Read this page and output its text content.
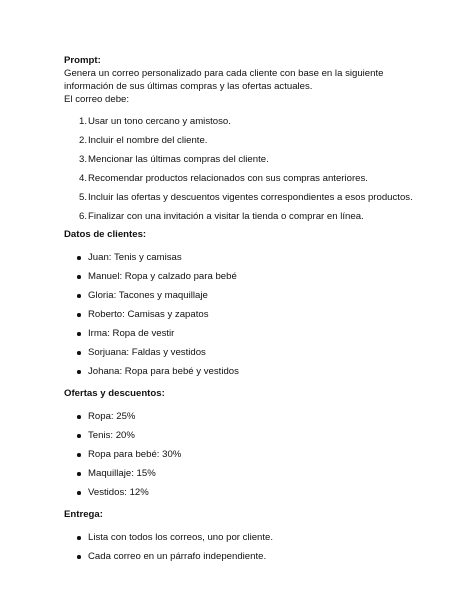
Prompt:

Genera un correo personalizado para cada cliente con base en la siguiente

información de sus últimas compras y las ofertas actuales.

El correo debe:

1 . Usar un tono cercano y amistoso.
2 . Incluir el nombre del cliente.
3 . Mencionar las últimas compras del cliente.
4 . Recomendar productos relacionados con sus compras anteriores.
5 . Incluir las ofertas y descuentos vigentes correspondientes a esos productos.
6 . Finalizar con una invitación a visitar la tienda o comprar en línea.

Datos de clientes:

Juan: Tenis y camisas
Manuel: Ropa y calzado para bebé
Gloria: Tacones y maquillaje
Roberto: Camisas y zapatos
Irma: Ropa de vestir
Sorjuana: Faldas y vestidos
Johana: Ropa para bebé y vestidos

Ofertas y descuentos:

Ropa: 25%
Tenis: 20%
Ropa para bebé: 30%
Maquillaje: 15%
Vestidos: 12%

Entrega:

Lista con todos los correos, uno por cliente.
Cada correo en un párrafo independiente.
